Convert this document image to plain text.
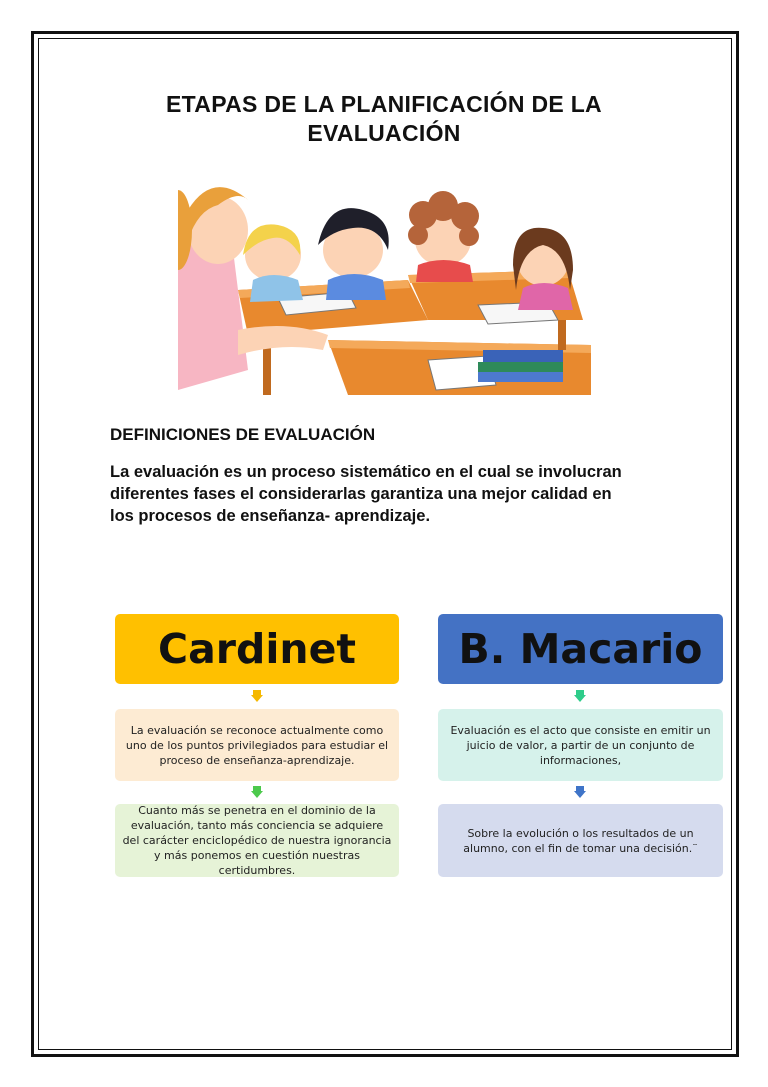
ETAPAS DE LA PLANIFICACIÓN DE LA
EVALUACIÓN
DEFINICIONES DE EVALUACIÓN
La evaluación es un proceso sistemático en el cual se involucran
diferentes fases el considerarlas garantiza una mejor calidad en
los procesos de enseñanza- aprendizaje.
Cardinet
La evaluación se reconoce actualmente como uno de los puntos privilegiados para estudiar el proceso de enseñanza-aprendizaje.
Cuanto más se penetra en el dominio de la evaluación, tanto más conciencia se adquiere del carácter enciclopédico de nuestra ignorancia y más ponemos en cuestión nuestras certidumbres.
B. Macario
Evaluación es el acto que consiste en emitir un juicio de valor, a partir de un conjunto de informaciones,
Sobre la evolución o los resultados de un alumno, con el fin de tomar una decisión.¨
